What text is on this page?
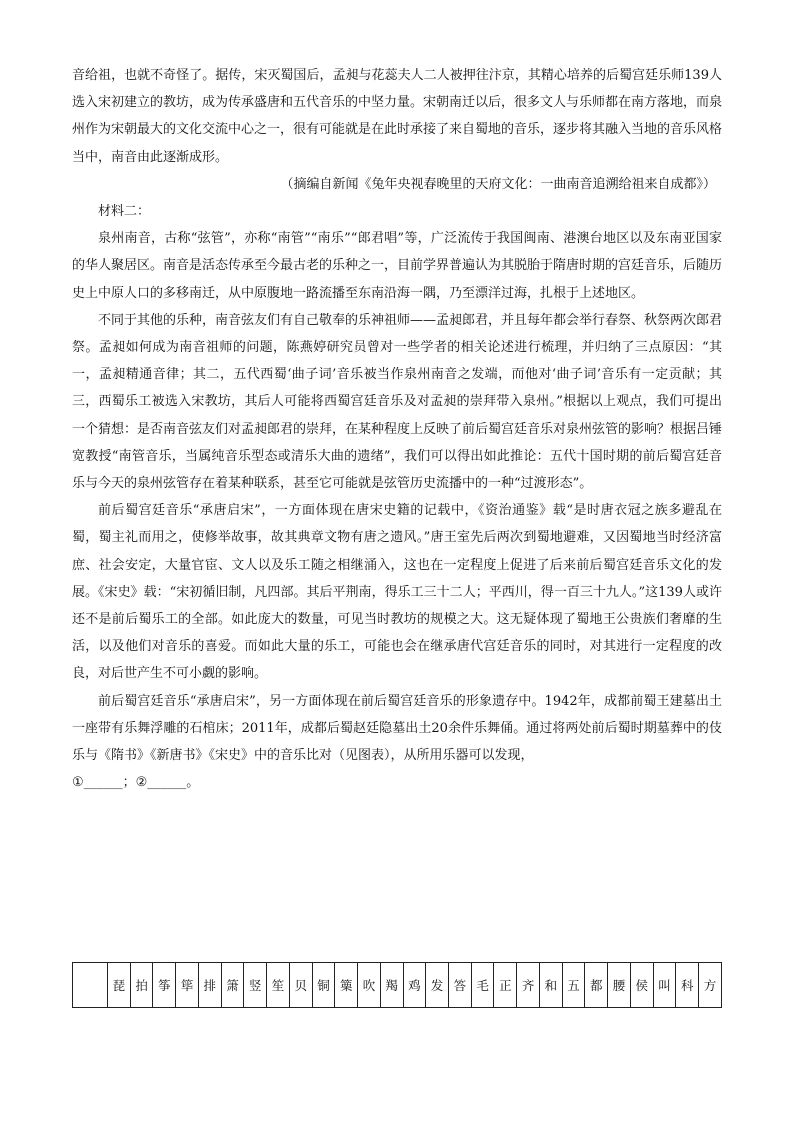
音给祖，也就不奇怪了。据传，宋灭蜀国后，孟昶与花蕊夫人二人被押往汴京，其精心培养的后蜀宫廷乐师139人选入宋初建立的教坊，成为传承盛唐和五代音乐的中坚力量。宋朝南迁以后，很多文人与乐师都在南方落地，而泉州作为宋朝最大的文化交流中心之一，很有可能就是在此时承接了来自蜀地的音乐，逐步将其融入当地的音乐风格当中，南音由此逐渐成形。

（摘编自新闻《兔年央视春晚里的天府文化：一曲南音追溯给祖来自成都》）

材料二：

泉州南音，古称“弦管”，亦称“南管”“南乐”“郎君唱”等，广泛流传于我国闽南、港澳台地区以及东南亚国家的华人聚居区。南音是活态传承至今最古老的乐种之一，目前学界普遍认为其脱胎于隋唐时期的宫廷音乐，后随历史上中原人口的多移南迁，从中原腹地一路流播至东南沿海一隅，乃至漂洋过海，扎根于上述地区。

不同于其他的乐种，南音弦友们有自己敬奉的乐神祖师——孟昶郎君，并且每年都会举行春祭、秋祭两次郎君祭。孟昶如何成为南音祖师的问题，陈燕婷研究员曾对一些学者的相关论述进行梳理，并归纳了三点原因：“其一，孟昶精通音律；其二，五代西蜀‘曲子词’音乐被当作泉州南音之发端，而他对‘曲子词’音乐有一定贡献；其三，西蜀乐工被选入宋教坊，其后人可能将西蜀宫廷音乐及对孟昶的崇拜带入泉州。”根据以上观点，我们可提出一个猜想：是否南音弦友们对孟昶郎君的崇拜，在某种程度上反映了前后蜀宫廷音乐对泉州弦管的影响？根据吕锤宽教授“南管音乐，当属纯音乐型态或清乐大曲的遗绪”，我们可以得出如此推论：五代十国时期的前后蜀宫廷音乐与今天的泉州弦管存在着某种联系，甚至它可能就是弦管历史流播中的一种“过渡形态”。

前后蜀宫廷音乐“承唐启宋”，一方面体现在唐宋史籍的记载中，《资治通鉴》载“是时唐衣冠之族多避乱在蜀，蜀主礼而用之，使修举故事，故其典章文物有唐之遗风。”唐王室先后两次到蜀地避难，又因蜀地当时经济富庶、社会安定，大量官宦、文人以及乐工随之相继涌入，这也在一定程度上促进了后来前后蜀宫廷音乐文化的发展。《宋史》载：“宋初循旧制，凡四部。其后平荆南，得乐工三十二人；平西川，得一百三十九人。”这139人或许还不是前后蜀乐工的全部。如此庞大的数量，可见当时教坊的规模之大。这无疑体现了蜀地王公贵族们奢靡的生活，以及他们对音乐的喜爱。而如此大量的乐工，可能也会在继承唐代宫廷音乐的同时，对其进行一定程度的改良，对后世产生不可小觑的影响。

前后蜀宫廷音乐“承唐启宋”，另一方面体现在前后蜀宫廷音乐的形象遗存中。1942年，成都前蜀王建墓出土一座带有乐舞浮雕的石棺床；2011年，成都后蜀赵廷隐墓出土20余件乐舞俑。通过将两处前后蜀时期墓葬中的伎乐与《隋书》《新唐书》《宋史》中的音乐比对（见图表），从所用乐器可以发现，

①______；②______。

	琵	拍	筝	筚	排	箫	竖	笙	贝	铜	篥	吹	羯	鸡	发	答	毛	正	齐	和	五	都	腰	侯	叫	科	方
